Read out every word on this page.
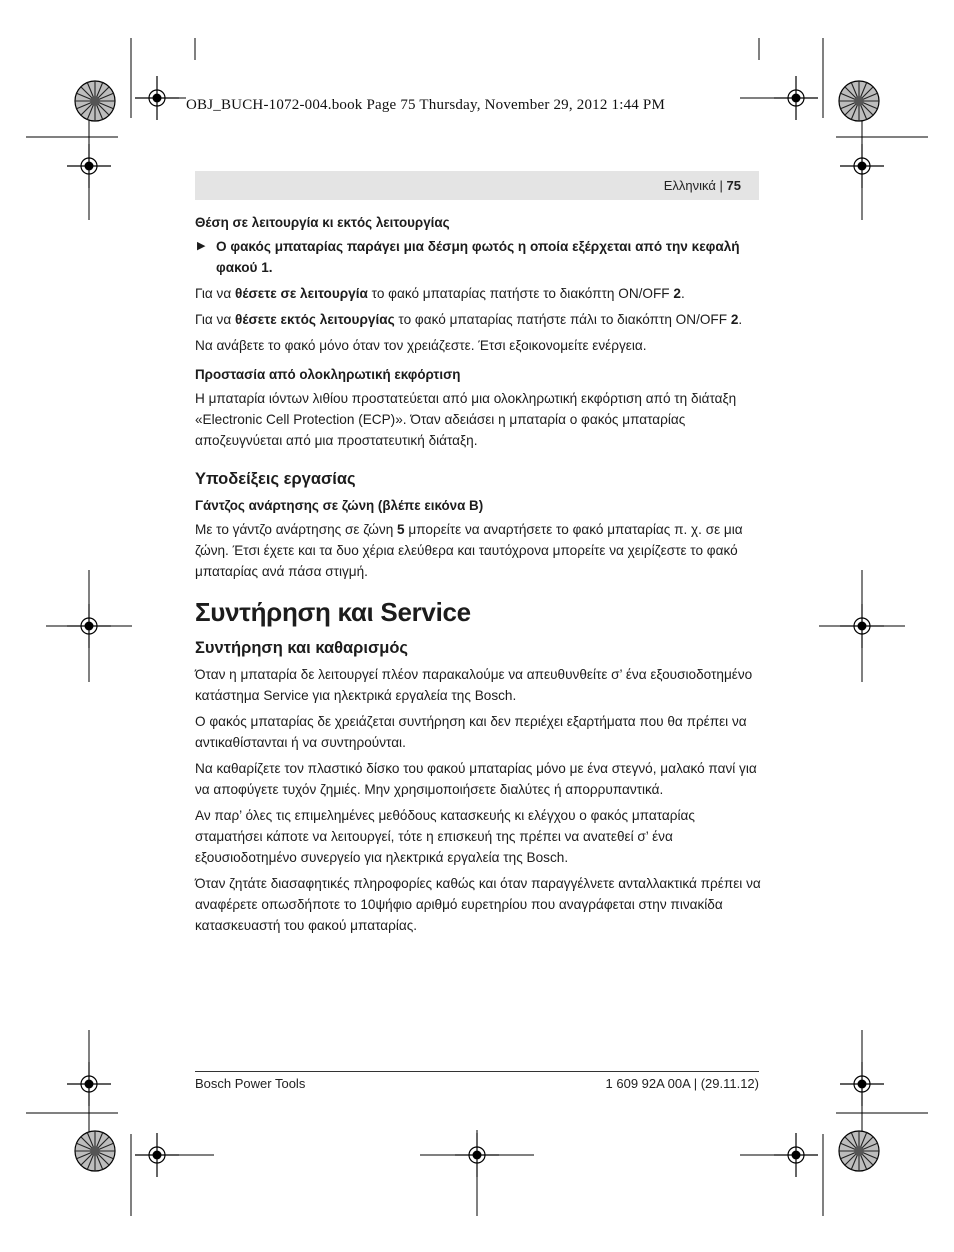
OBJ_BUCH-1072-004.book Page 75 Thursday, November 29, 2012 1:44 PM
Ελληνικά | 75
Θέση σε λειτουργία κι εκτός λειτουργίας
▶ Ο φακός μπαταρίας παράγει μια δέσμη φωτός η οποία εξέρχεται από την κεφαλή φακού 1.

Για να θέσετε σε λειτουργία το φακό μπαταρίας πατήστε το διακόπτη ON/OFF 2.

Για να θέσετε εκτός λειτουργίας το φακό μπαταρίας πατήστε πάλι το διακόπτη ON/OFF 2.

Να ανάβετε το φακό μόνο όταν τον χρειάζεστε. Έτσι εξοικονομείτε ενέργεια.

Προστασία από ολοκληρωτική εκφόρτιση

Η μπαταρία ιόντων λιθίου προστατεύεται από μια ολοκληρωτική εκφόρτιση από τη διάταξη «Electronic Cell Protection (ECP)». Όταν αδειάσει η μπαταρία ο φακός μπαταρίας αποζευγνύεται από μια προστατευτική διάταξη.

Υποδείξεις εργασίας
Γάντζος ανάρτησης σε ζώνη (βλέπε εικόνα B)

Με το γάντζο ανάρτησης σε ζώνη 5 μπορείτε να αναρτήσετε το φακό μπαταρίας π. χ. σε μια ζώνη. Έτσι έχετε και τα δυο χέρια ελεύθερα και ταυτόχρονα μπορείτε να χειρίζεστε το φακό μπαταρίας ανά πάσα στιγμή.

Συντήρηση και Service
Συντήρηση και καθαρισμός

Όταν η μπαταρία δε λειτουργεί πλέον παρακαλούμε να απευθυνθείτε σ’ ένα εξουσιοδοτημένο κατάστημα Service για ηλεκτρικά εργαλεία της Bosch.

Ο φακός μπαταρίας δε χρειάζεται συντήρηση και δεν περιέχει εξαρτήματα που θα πρέπει να αντικαθίστανται ή να συντηρούνται.

Να καθαρίζετε τον πλαστικό δίσκο του φακού μπαταρίας μόνο με ένα στεγνό, μαλακό πανί για να αποφύγετε τυχόν ζημιές. Μην χρησιμοποιήσετε διαλύτες ή απορρυπαντικά.

Αν παρ’ όλες τις επιμελημένες μεθόδους κατασκευής κι ελέγχου ο φακός μπαταρίας σταματήσει κάποτε να λειτουργεί, τότε η επισκευή της πρέπει να ανατεθεί σ’ ένα εξουσιοδοτημένο συνεργείο για ηλεκτρικά εργαλεία της Bosch.

Όταν ζητάτε διασαφητικές πληροφορίες καθώς και όταν παραγγέλνετε ανταλλακτικά πρέπει να αναφέρετε οπωσδήποτε το 10ψήφιο αριθμό ευρετηρίου που αναγράφεται στην πινακίδα κατασκευαστή του φακού μπαταρίας.

Bosch Power Tools	1 609 92A 00A | (29.11.12)
